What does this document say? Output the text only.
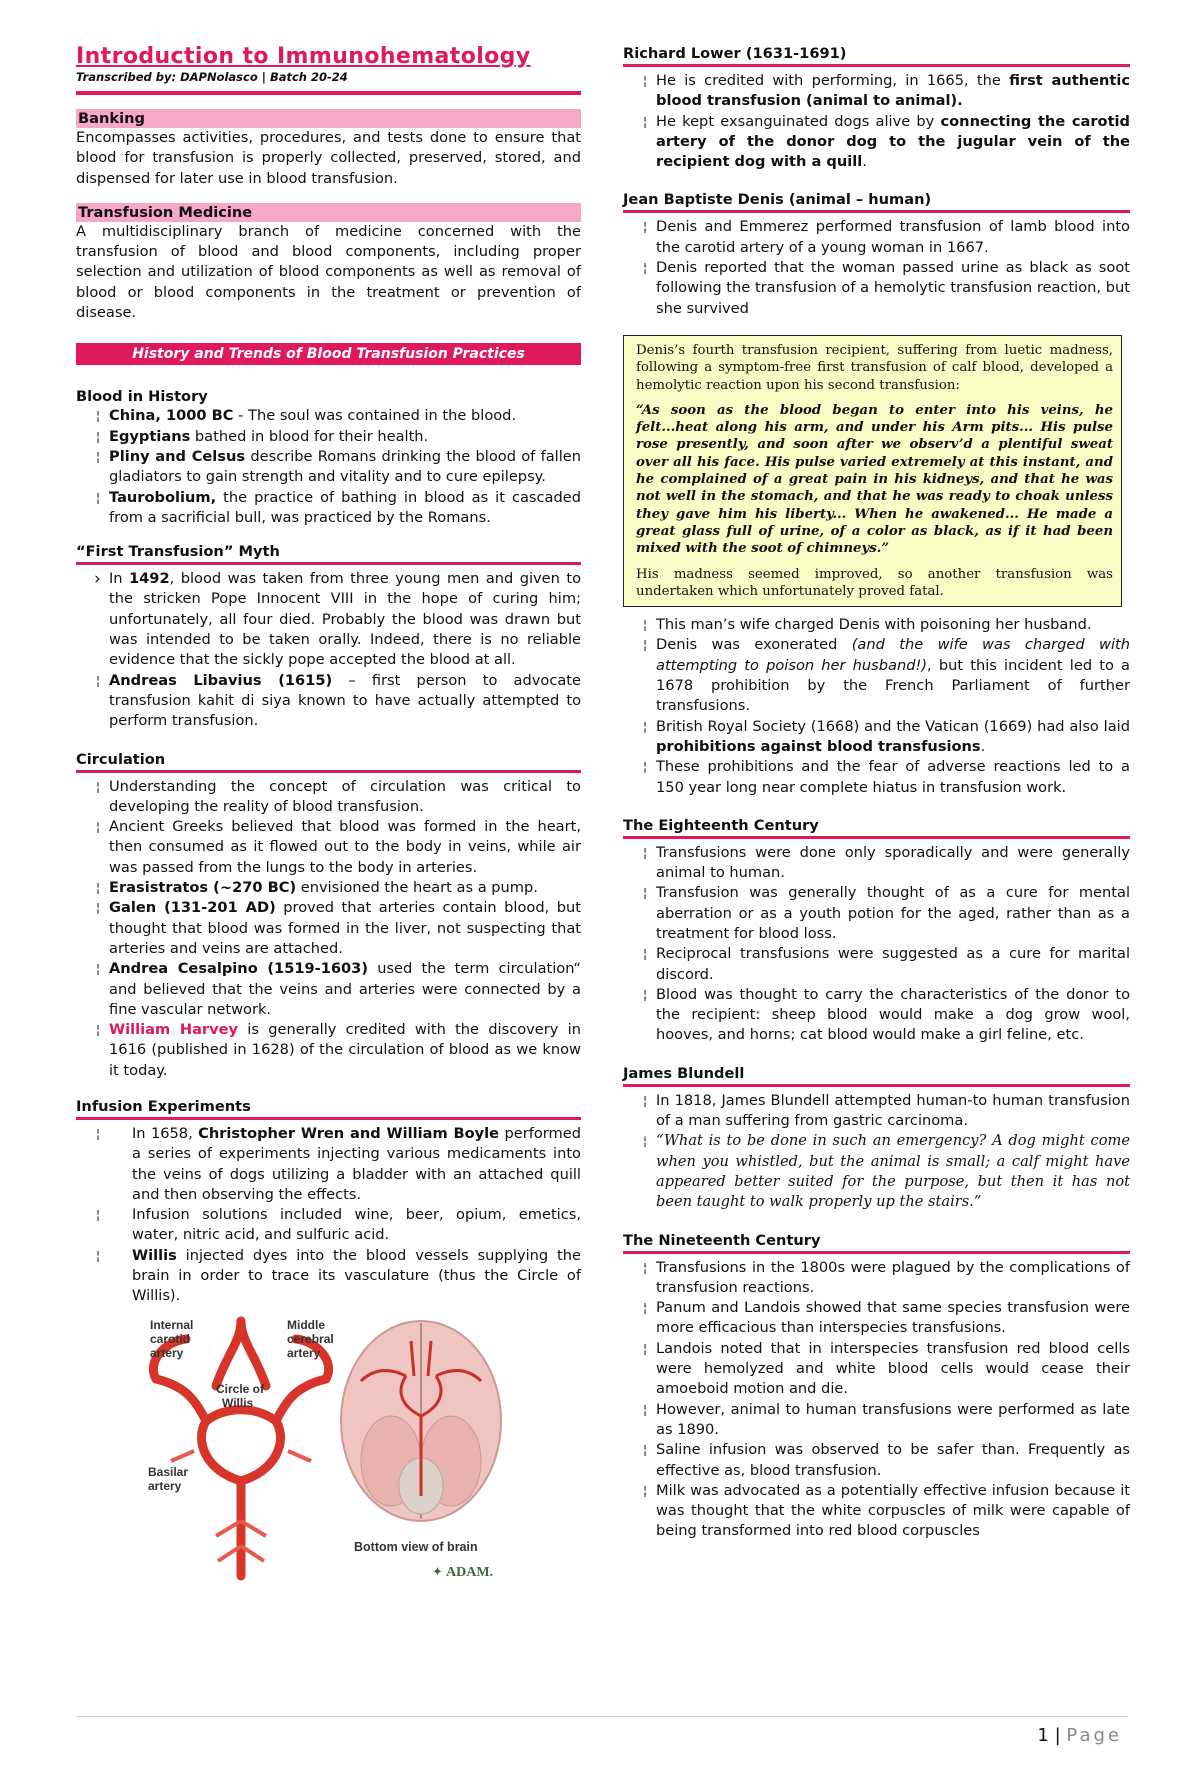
Introduction to Immunohematology
Transcribed by: DAPNolasco | Batch 20-24
Banking

Encompasses activities, procedures, and tests done to ensure that blood for transfusion is properly collected, preserved, stored, and dispensed for later use in blood transfusion.

Transfusion Medicine

A multidisciplinary branch of medicine concerned with the transfusion of blood and blood components, including proper selection and utilization of blood components as well as removal of blood or blood components in the treatment or prevention of disease.

History and Trends of Blood Transfusion Practices
Blood in History
¦ China, 1000 BC - The soul was contained in the blood.
¦ Egyptians bathed in blood for their health.
¦ Pliny and Celsus describe Romans drinking the blood of fallen gladiators to gain strength and vitality and to cure epilepsy.
¦ Taurobolium, the practice of bathing in blood as it cascaded from a sacrificial bull, was practiced by the Romans.
“First Transfusion” Myth
› In 1492, blood was taken from three young men and given to the stricken Pope Innocent VIII in the hope of curing him; unfortunately, all four died. Probably the blood was drawn but was intended to be taken orally. Indeed, there is no reliable evidence that the sickly pope accepted the blood at all.
¦ Andreas Libavius (1615) – first person to advocate transfusion kahit di siya known to have actually attempted to perform transfusion.
Circulation
¦ Understanding the concept of circulation was critical to developing the reality of blood transfusion.
¦ Ancient Greeks believed that blood was formed in the heart, then consumed as it flowed out to the body in veins, while air was passed from the lungs to the body in arteries.
¦ Erasistratos (~270 BC) envisioned the heart as a pump.
¦ Galen (131-201 AD) proved that arteries contain blood, but thought that blood was formed in the liver, not suspecting that arteries and veins are attached.
¦ Andrea Cesalpino (1519-1603) used the term circulation“ and believed that the veins and arteries were connected by a fine vascular network.
¦ William Harvey is generally credited with the discovery in 1616 (published in 1628) of the circulation of blood as we know it today.
Infusion Experiments
¦ In 1658, Christopher Wren and William Boyle performed a series of experiments injecting various medicaments into the veins of dogs utilizing a bladder with an attached quill and then observing the effects.
¦ Infusion solutions included wine, beer, opium, emetics, water, nitric acid, and sulfuric acid.
¦ Willis injected dyes into the blood vessels supplying the brain in order to trace its vasculature (thus the Circle of Willis).
Internal carotid artery Middle cerebral artery Circle of Willis Basilar artery
Bottom view of brain
ADAM.
✦
Richard Lower (1631-1691)
¦ He is credited with performing, in 1665, the first authentic blood transfusion (animal to animal).
¦ He kept exsanguinated dogs alive by connecting the carotid artery of the donor dog to the jugular vein of the recipient dog with a quill.
Jean Baptiste Denis (animal – human)
¦ Denis and Emmerez performed transfusion of lamb blood into the carotid artery of a young woman in 1667.
¦ Denis reported that the woman passed urine as black as soot following the transfusion of a hemolytic transfusion reaction, but she survived

Denis’s fourth transfusion recipient, suffering from luetic madness, following a symptom-free first transfusion of calf blood, developed a hemolytic reaction upon his second transfusion:

“As soon as the blood began to enter into his veins, he felt...heat along his arm, and under his Arm pits... His pulse rose presently, and soon after we observ’d a plentiful sweat over all his face. His pulse varied extremely at this instant, and he complained of a great pain in his kidneys, and that he was not well in the stomach, and that he was ready to choak unless they gave him his liberty... When he awakened... He made a great glass full of urine, of a color as black, as if it had been mixed with the soot of chimneys.”

His madness seemed improved, so another transfusion was undertaken which unfortunately proved fatal.

¦ This man’s wife charged Denis with poisoning her husband.
¦ Denis was exonerated (and the wife was charged with attempting to poison her husband!), but this incident led to a 1678 prohibition by the French Parliament of further transfusions.
¦ British Royal Society (1668) and the Vatican (1669) had also laid prohibitions against blood transfusions.
¦ These prohibitions and the fear of adverse reactions led to a 150 year long near complete hiatus in transfusion work.
The Eighteenth Century
¦ Transfusions were done only sporadically and were generally animal to human.
¦ Transfusion was generally thought of as a cure for mental aberration or as a youth potion for the aged, rather than as a treatment for blood loss.
¦ Reciprocal transfusions were suggested as a cure for marital discord.
¦ Blood was thought to carry the characteristics of the donor to the recipient: sheep blood would make a dog grow wool, hooves, and horns; cat blood would make a girl feline, etc.
James Blundell
¦ In 1818, James Blundell attempted human-to human transfusion of a man suffering from gastric carcinoma.
¦ “What is to be done in such an emergency? A dog might come when you whistled, but the animal is small; a calf might have appeared better suited for the purpose, but then it has not been taught to walk properly up the stairs.”
The Nineteenth Century
¦ Transfusions in the 1800s were plagued by the complications of transfusion reactions.
¦ Panum and Landois showed that same species transfusion were more efficacious than interspecies transfusions.
¦ Landois noted that in interspecies transfusion red blood cells were hemolyzed and white blood cells would cease their amoeboid motion and die.
¦ However, animal to human transfusions were performed as late as 1890.
¦ Saline infusion was observed to be safer than. Frequently as effective as, blood transfusion.
¦ Milk was advocated as a potentially effective infusion because it was thought that the white corpuscles of milk were capable of being transformed into red blood corpuscles
1 | Page
